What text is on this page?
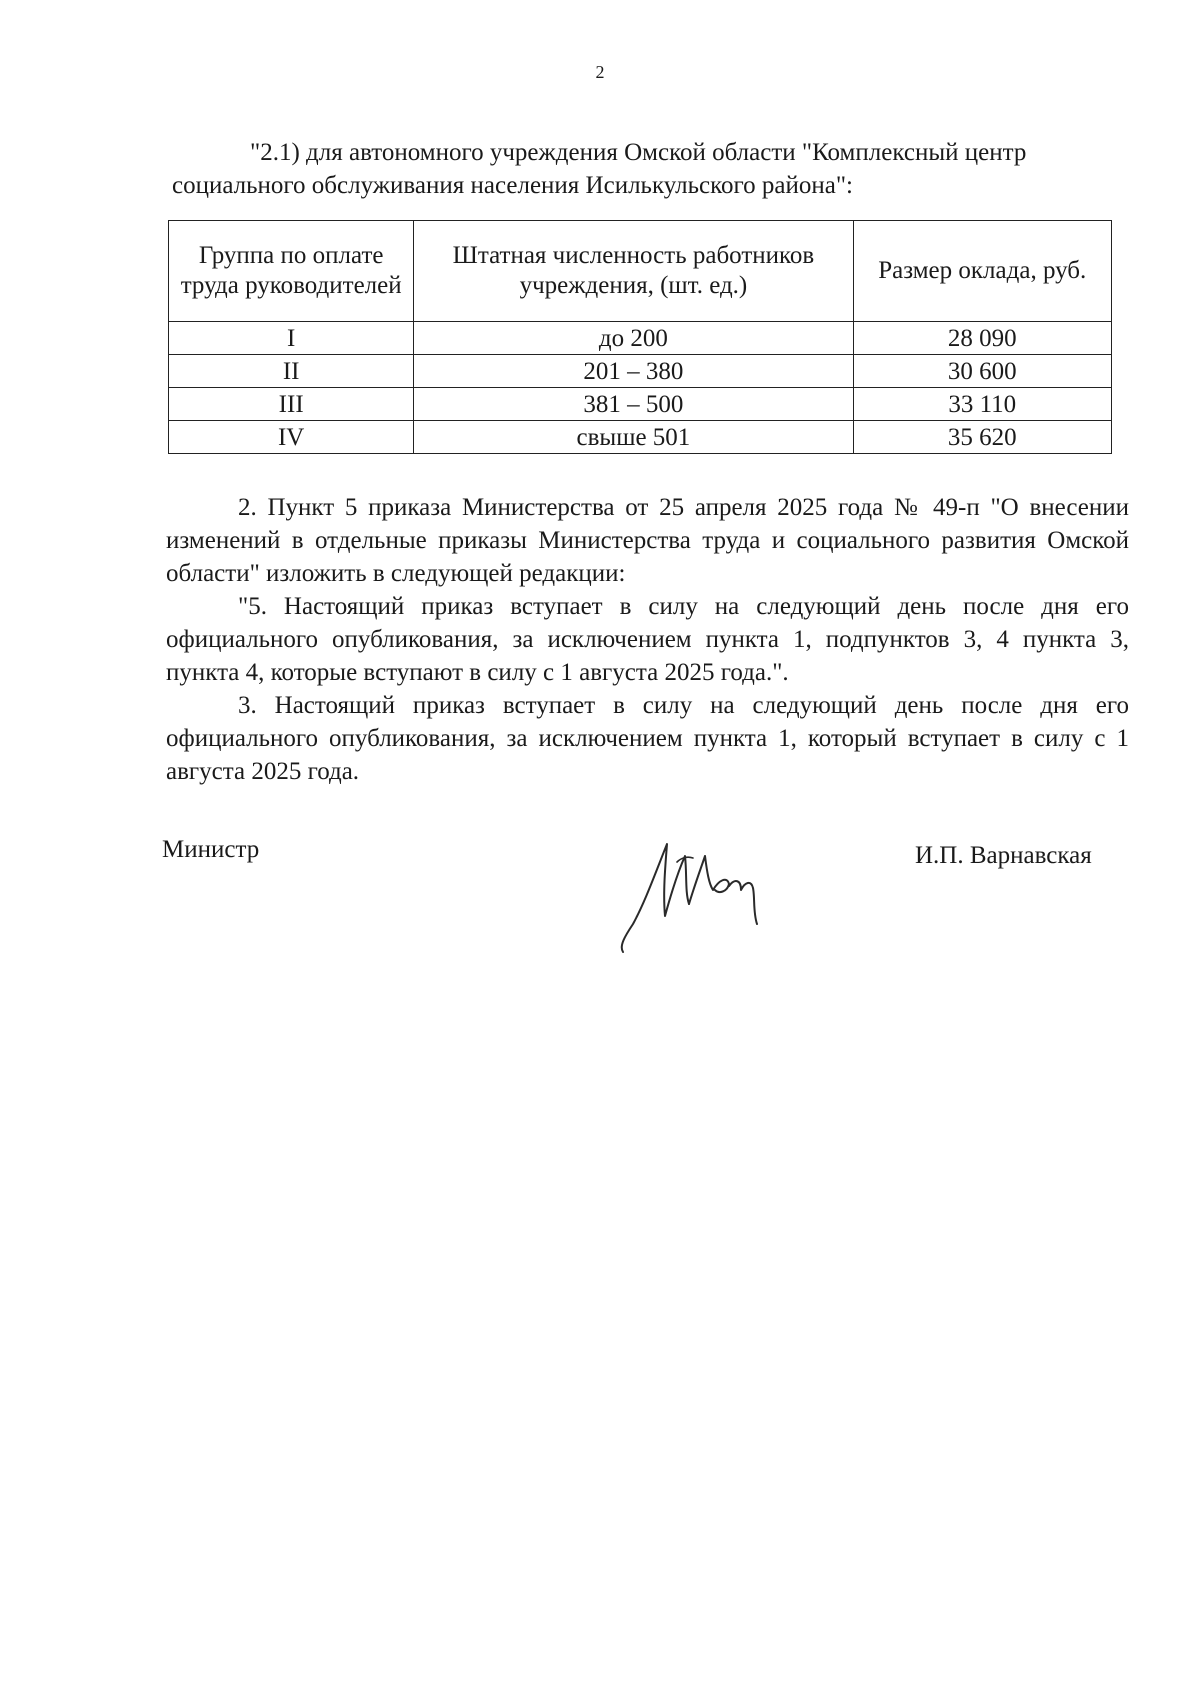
2
"2.1) для автономного учреждения Омской области "Комплексный центр
социального обслуживания населения Исилькульского района":
Группа по оплате труда руководителей	Штатная численность работников учреждения, (шт. ед.)	Размер оклада, руб.
I	до 200	28 090
II	201 – 380	30 600
III	381 – 500	33 110
IV	свыше 501	35 620

2. Пункт 5 приказа Министерства от 25 апреля 2025 года № 49-п "О внесении изменений в отдельные приказы Министерства труда и социального развития Омской области" изложить в следующей редакции:

"5. Настоящий приказ вступает в силу на следующий день после дня его официального опубликования, за исключением пункта 1, подпунктов 3, 4 пункта 3, пункта 4, которые вступают в силу с 1 августа 2025 года.".

3. Настоящий приказ вступает в силу на следующий день после дня его официального опубликования, за исключением пункта 1, который вступает в силу с 1 августа 2025 года.

Министр	И.П. Варнавская
